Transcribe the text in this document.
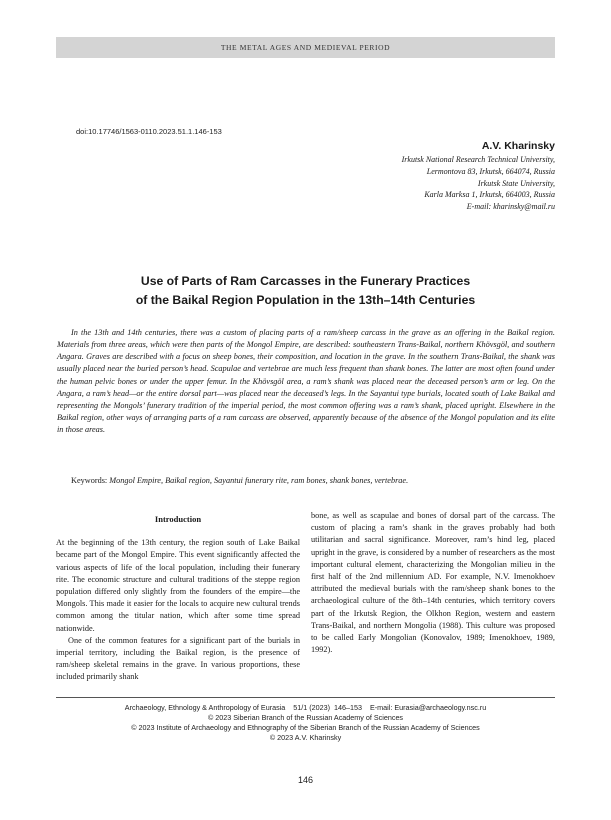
THE METAL AGES AND MEDIEVAL PERIOD
doi:10.17746/1563-0110.2023.51.1.146-153
A.V. Kharinsky
Irkutsk National Research Technical University,
Lermontova 83, Irkutsk, 664074, Russia
Irkutsk State University,
Karla Marksa 1, Irkutsk, 664003, Russia
E-mail: kharinsky@mail.ru
Use of Parts of Ram Carcasses in the Funerary Practices
of the Baikal Region Population in the 13th–14th Centuries

In the 13th and 14th centuries, there was a custom of placing parts of a ram/sheep carcass in the grave as an offering in the Baikal region. Materials from three areas, which were then parts of the Mongol Empire, are described: southeastern Trans-Baikal, northern Khövsgöl, and southern Angara. Graves are described with a focus on sheep bones, their composition, and location in the grave. In the southern Trans-Baikal, the shank was usually placed near the buried person’s head. Scapulae and vertebrae are much less frequent than shank bones. The latter are most often found under the human pelvic bones or under the upper femur. In the Khövsgöl area, a ram’s shank was placed near the deceased person’s arm or leg. On the Angara, a ram’s head—or the entire dorsal part—was placed near the deceased’s legs. In the Sayantui type burials, located south of Lake Baikal and representing the Mongols’ funerary tradition of the imperial period, the most common offering was a ram’s shank, placed upright. Elsewhere in the Baikal region, other ways of arranging parts of a ram carcass are observed, apparently because of the absence of the Mongol population and its elite in those areas.

Keywords: Mongol Empire, Baikal region, Sayantui funerary rite, ram bones, shank bones, vertebrae.
Introduction

At the beginning of the 13th century, the region south of Lake Baikal became part of the Mongol Empire. This event significantly affected the various aspects of life of the local population, including their funerary rite. The economic structure and cultural traditions of the steppe region population differed only slightly from the founders of the empire—the Mongols. This made it easier for the locals to acquire new cultural trends common among the titular nation, which after some time spread nationwide.

One of the common features for a significant part of the burials in imperial territory, including the Baikal region, is the presence of ram/sheep skeletal remains in the grave. In various proportions, these included primarily shank

bone, as well as scapulae and bones of dorsal part of the carcass. The custom of placing a ram’s shank in the graves probably had both utilitarian and sacral significance. Moreover, ram’s hind leg, placed upright in the grave, is considered by a number of researchers as the most important cultural element, characterizing the Mongolian milieu in the first half of the 2nd millennium AD. For example, N.V. Imenokhoev attributed the medieval burials with the ram/sheep shank bones to the archaeological culture of the 8th–14th centuries, which territory covers part of the Irkutsk Region, the Olkhon Region, western and eastern Trans-Baikal, and northern Mongolia (1988). This culture was proposed to be called Early Mongolian (Konovalov, 1989; Imenokhoev, 1989, 1992).

Archaeology, Ethnology & Anthropology of Eurasia    51/1 (2023)  146–153    E-mail: Eurasia@archaeology.nsc.ru
© 2023 Siberian Branch of the Russian Academy of Sciences
© 2023 Institute of Archaeology and Ethnography of the Siberian Branch of the Russian Academy of Sciences
© 2023 A.V. Kharinsky
146
